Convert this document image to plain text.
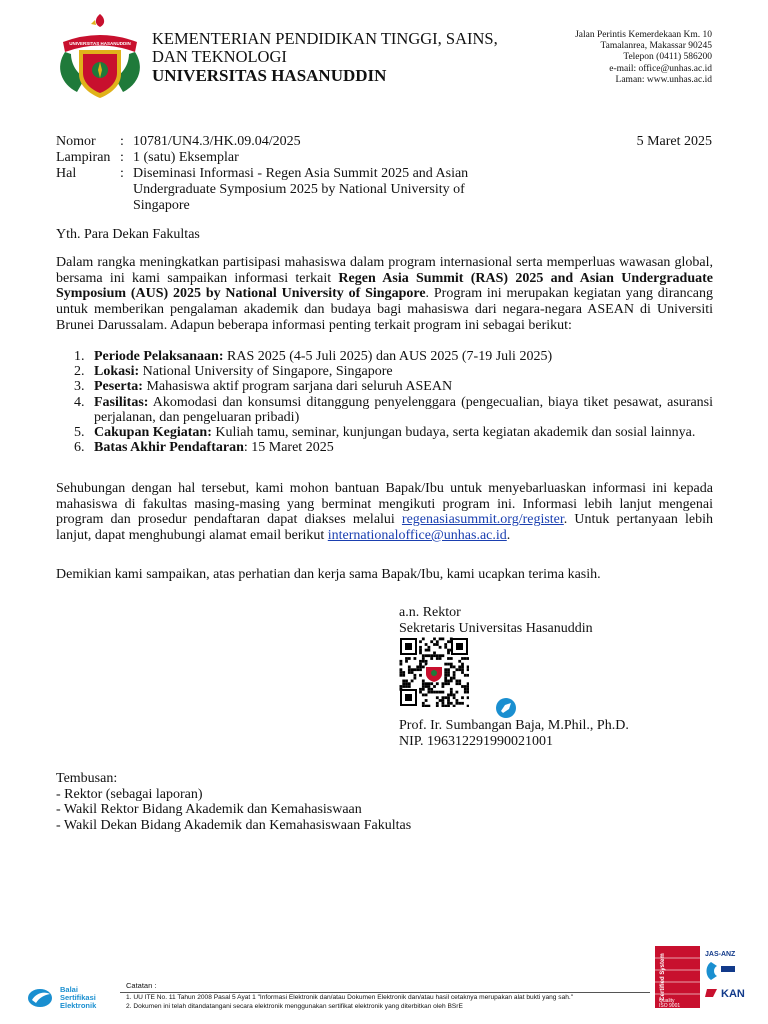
UNIVERSITAS HASANUDDIN KEMENTERIAN PENDIDIKAN TINGGI, SAINS,
DAN TEKNOLOGI
UNIVERSITAS HASANUDDIN
Jalan Perintis Kemerdekaan Km. 10
Tamalanrea, Makassar 90245
Telepon (0411) 586200
e-mail: office@unhas.ac.id
Laman: www.unhas.ac.id
Nomor : 10781/UN4.3/HK.09.04/2025
Lampiran : 1 (satu) Eksemplar
Hal	: Diseminasi Informasi - Regen Asia Summit 2025 and Asian
Undergraduate Symposium 2025 by National University of
Singapore
5 Maret 2025
Yth. Para Dekan Fakultas
Dalam rangka meningkatkan partisipasi mahasiswa dalam program internasional serta memperluas wawasan global, bersama ini kami sampaikan informasi terkait Regen Asia Summit (RAS) 2025 and Asian Undergraduate Symposium (AUS) 2025 by National University of Singapore. Program ini merupakan kegiatan yang dirancang untuk memberikan pengalaman akademik dan budaya bagi mahasiswa dari negara-negara ASEAN di Universiti Brunei Darussalam. Adapun beberapa informasi penting terkait program ini sebagai berikut:
1. Periode Pelaksanaan: RAS 2025 (4-5 Juli 2025) dan AUS 2025 (7-19 Juli 2025)
2. Lokasi: National University of Singapore, Singapore
3. Peserta: Mahasiswa aktif program sarjana dari seluruh ASEAN
4. Fasilitas: Akomodasi dan konsumsi ditanggung penyelenggara (pengecualian, biaya tiket pesawat, asuransi perjalanan, dan pengeluaran pribadi)
5. Cakupan Kegiatan: Kuliah tamu, seminar, kunjungan budaya, serta kegiatan akademik dan sosial lainnya.
6. Batas Akhir Pendaftaran: 15 Maret 2025
Sehubungan dengan hal tersebut, kami mohon bantuan Bapak/Ibu untuk menyebarluaskan informasi ini kepada mahasiswa di fakultas masing-masing yang berminat mengikuti program ini. Informasi lebih lanjut mengenai program dan prosedur pendaftaran dapat diakses melalui regenasiasummit.org/register. Untuk pertanyaan lebih lanjut, dapat menghubungi alamat email berikut internationaloffice@unhas.ac.id.
Demikian kami sampaikan, atas perhatian dan kerja sama Bapak/Ibu, kami ucapkan terima kasih.
a.n. Rektor
Sekretaris Universitas Hasanuddin
Prof. Ir. Sumbangan Baja, M.Phil., Ph.D.
NIP. 196312291990021001
Tembusan:
- Rektor (sebagai laporan)
- Wakil Rektor Bidang Akademik dan Kemahasiswaan
- Wakil Dekan Bidang Akademik dan Kemahasiswaan Fakultas
Balai
Sertifikasi
Elektronik
Catatan :
1. UU ITE No. 11 Tahun 2008 Pasal 5 Ayat 1 "Informasi Elektronik dan/atau Dokumen Elektronik dan/atau hasil cetaknya merupakan alat bukti yang sah."
2. Dokumen ini telah ditandatangani secara elektronik menggunakan sertifikat elektronik yang diterbitkan oleh BSrE
Certified System
Quality
ISO 9001
JAS-ANZ
KAN
